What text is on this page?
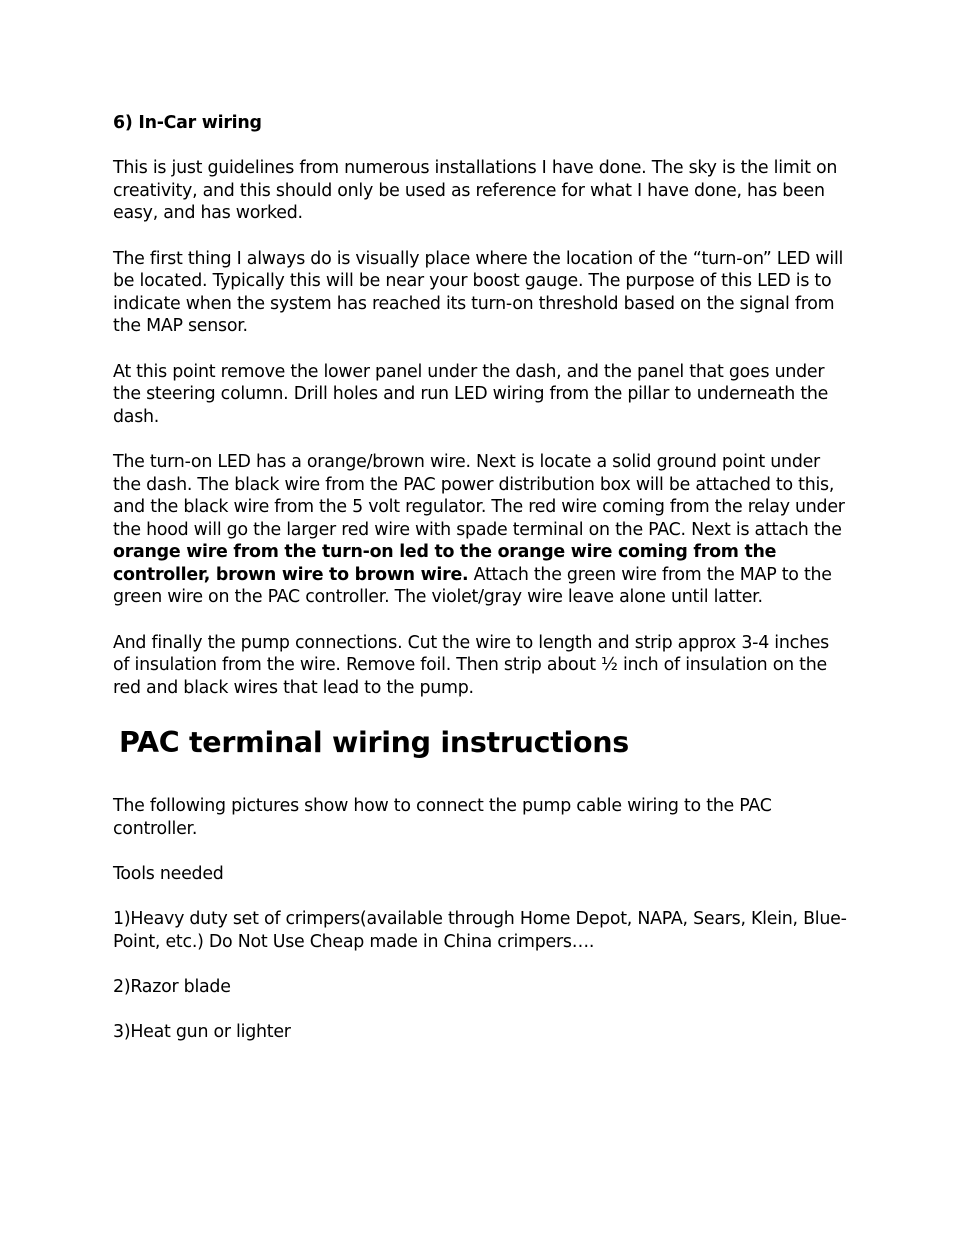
6) In-Car wiring

This is just guidelines from numerous installations I have done. The sky is the limit on creativity, and this should only be used as reference for what I have done, has been easy, and has worked.

The first thing I always do is visually place where the location of the “turn-on” LED will be located. Typically this will be near your boost gauge. The purpose of this LED is to indicate when the system has reached its turn-on threshold based on the signal from the MAP sensor.

At this point remove the lower panel under the dash, and the panel that goes under the steering column. Drill holes and run LED wiring from the pillar to underneath the dash.

The turn-on LED has a orange/brown wire. Next is locate a solid ground point under the dash. The black wire from the PAC power distribution box will be attached to this, and the black wire from the 5 volt regulator. The red wire coming from the relay under the hood will go the larger red wire with spade terminal on the PAC. Next is attach the orange wire from the turn-on led to the orange wire coming from the controller, brown wire to brown wire. Attach the green wire from the MAP to the green wire on the PAC controller. The violet/gray wire leave alone until latter.

And finally the pump connections. Cut the wire to length and strip approx 3-4 inches of insulation from the wire. Remove foil. Then strip about ½ inch of insulation on the red and black wires that lead to the pump.

PAC terminal wiring instructions

The following pictures show how to connect the pump cable wiring to the PAC controller.

Tools needed

1)Heavy duty set of crimpers(available through Home Depot, NAPA, Sears, Klein, Blue-Point, etc.) Do Not Use Cheap made in China crimpers….

2)Razor blade

3)Heat gun or lighter
